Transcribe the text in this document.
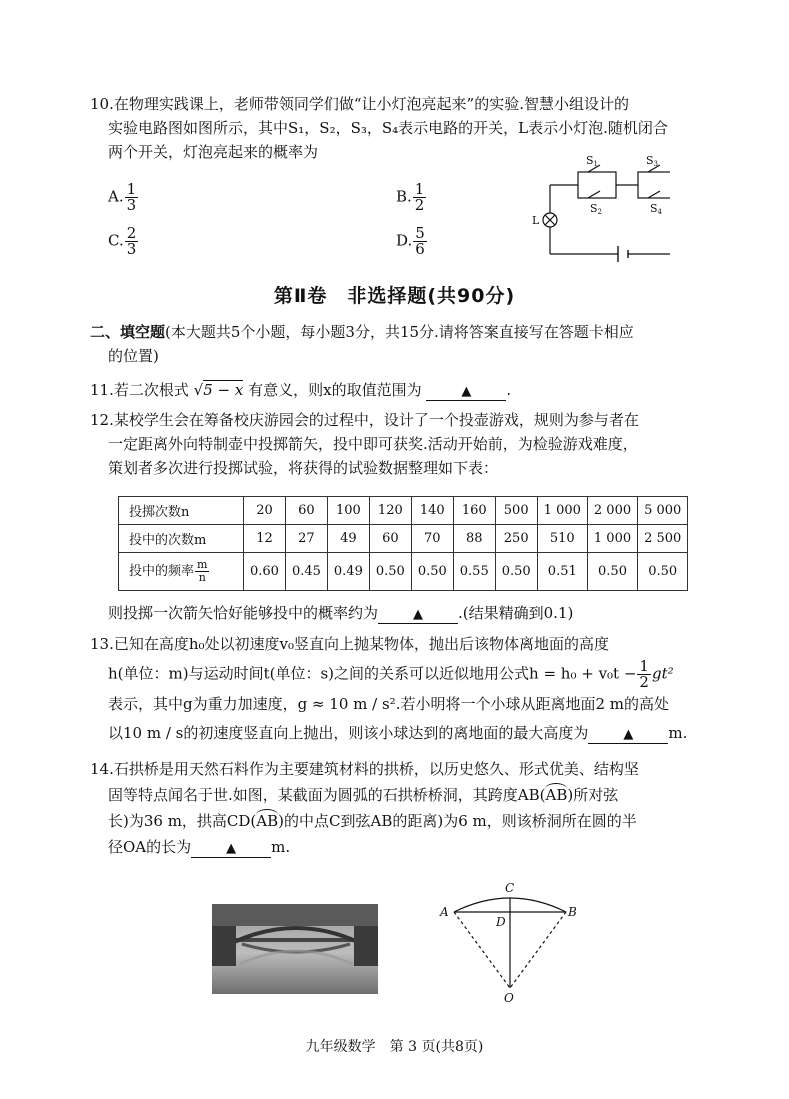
10.在物理实践课上，老师带领同学们做“让小灯泡亮起来”的实验.智慧小组设计的
实验电路图如图所示，其中S₁，S₂，S₃，S₄表示电路的开关，L表示小灯泡.随机闭合
两个开关，灯泡亮起来的概率为
A. $\frac{1}{3}$	B. $\frac{1}{2}$
C. $\frac{2}{3}$	D. $\frac{5}{6}$
S1
S2
S3
S4
L
第Ⅱ卷　非选择题(共90分)
二、填空题(本大题共5个小题，每小题3分，共15分.请将答案直接写在答题卡相应
的位置)
11.若二次根式 √5 − x 有意义，则x的取值范围为	▲ .
12.某校学生会在筹备校庆游园会的过程中，设计了一个投壶游戏，规则为参与者在
一定距离外向特制壶中投掷箭矢，投中即可获奖.活动开始前，为检验游戏难度，
策划者多次进行投掷试验，将获得的试验数据整理如下表：
投掷次数n	20	60	100	120	140	160	500	1 000	2 000	5 000
投中的次数m	12	27	49	60	70	88	250	510	1 000	2 500
投中的频率 $\frac{m}{n}$	0.60	0.45	0.49	0.50	0.50	0.55	0.50	0.51	0.50	0.50
则投掷一次箭矢恰好能够投中的概率约为	▲ .(结果精确到0.1)
13.已知在高度h₀处以初速度v₀竖直向上抛某物体，抛出后该物体离地面的高度
h(单位：m)与运动时间t(单位：s)之间的关系可以近似地用公式$h = h_0 + v_0t - \frac{1}{2} gt^2$
表示，其中g为重力加速度，g ≈ 10 m / s².若小明将一个小球从距离地面2 m的高处
以10 m / s的初速度竖直向上抛出，则该小球达到的离地面的最大高度为	▲ m.
14.石拱桥是用天然石料作为主要建筑材料的拱桥，以历史悠久、形式优美、结构坚
固等特点闻名于世.如图，某截面为圆弧的石拱桥桥洞，其跨度AB(AB)所对弦
长)为36 m，拱高CD(AB)的中点C到弦AB的距离)为6 m，则该桥洞所在圆的半
径OA的长为	▲ m.
A	B
C
D
O
九年级数学　第 3 页(共8页)
